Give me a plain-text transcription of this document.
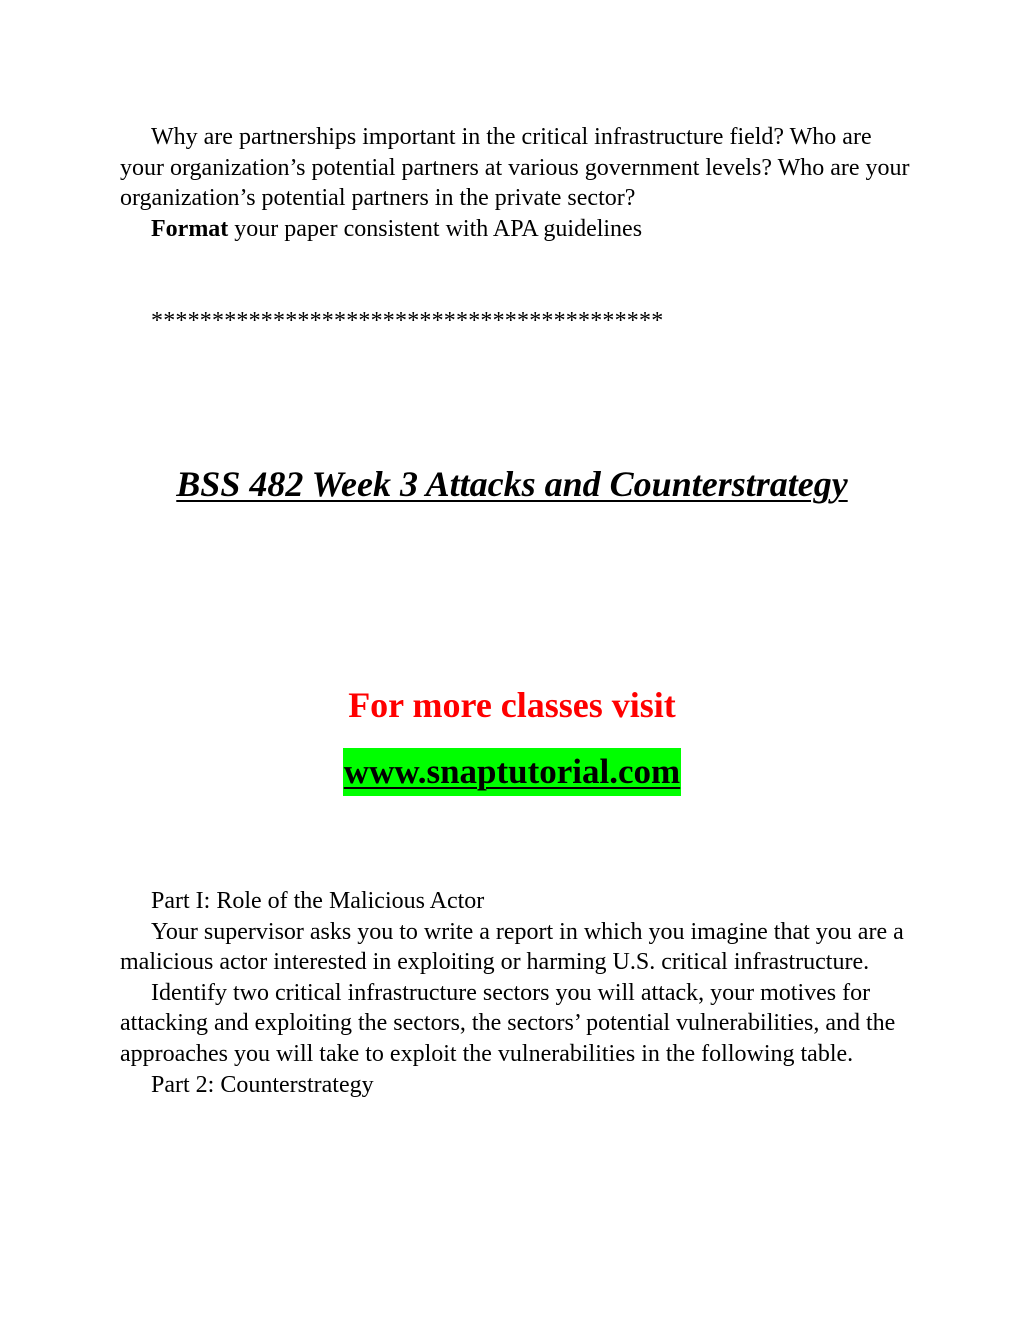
Why are partnerships important in the critical infrastructure field? Who are your organization’s potential partners at various government levels? Who are your organization’s potential partners in the private sector?

Format your paper consistent with APA guidelines

******************************************
BSS 482 Week 3 Attacks and Counterstrategy

For more classes visit

www.snaptutorial.com

Part I: Role of the Malicious Actor

Your supervisor asks you to write a report in which you imagine that you are a malicious actor interested in exploiting or harming U.S. critical infrastructure.

Identify two critical infrastructure sectors you will attack, your motives for attacking and exploiting the sectors, the sectors’ potential vulnerabilities, and the approaches you will take to exploit the vulnerabilities in the following table.

Part 2: Counterstrategy
